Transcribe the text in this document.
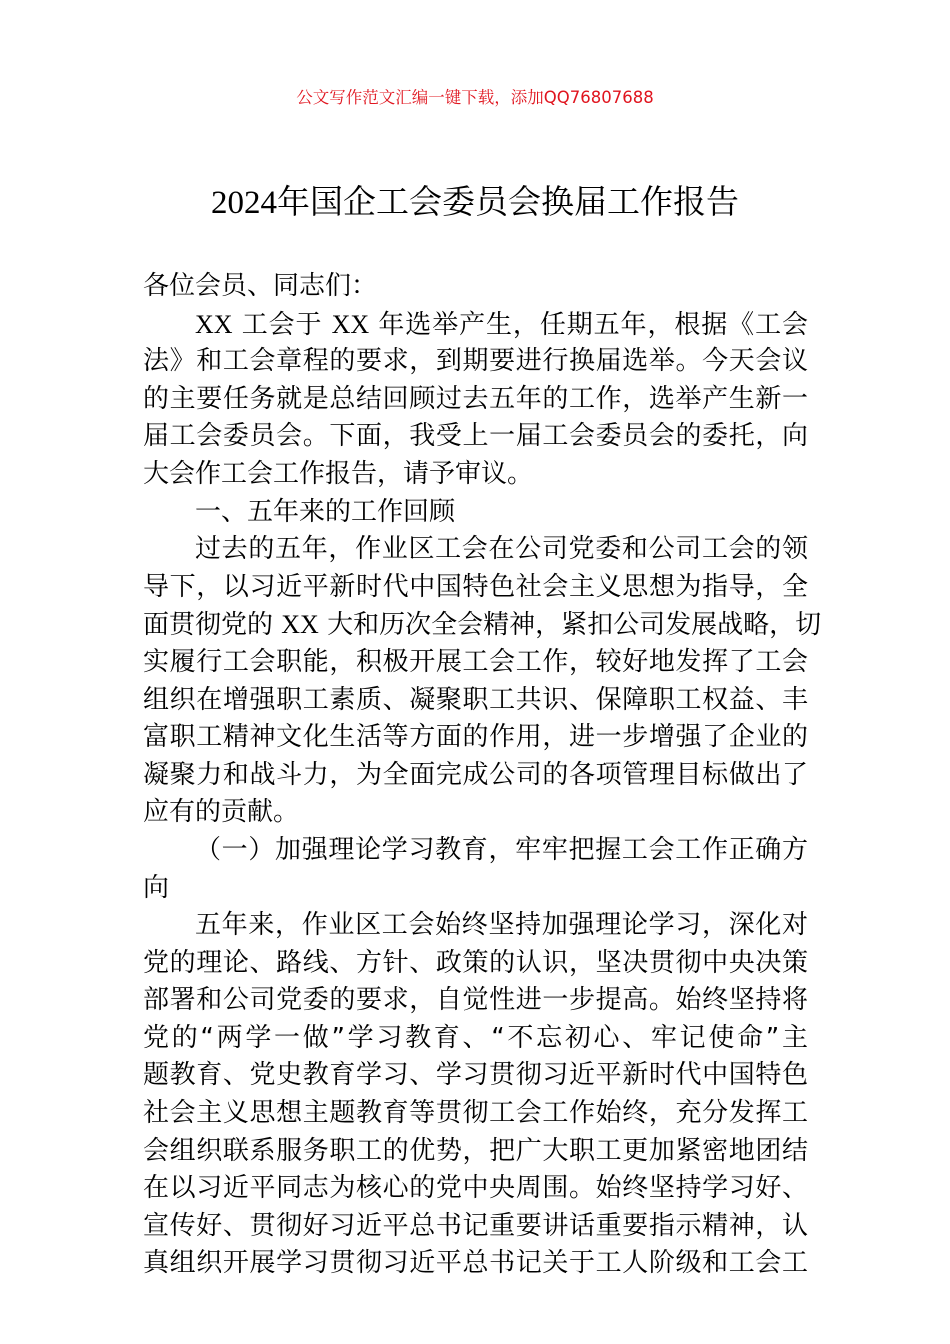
公文写作范文汇编一键下载，添加QQ76807688
2024年国企工会委员会换届工作报告
各位会员、同志们：
XX 工会于 XX 年选举产生，任期五年，根据《工会
法》和工会章程的要求，到期要进行换届选举。今天会议
的主要任务就是总结回顾过去五年的工作，选举产生新一
届工会委员会。下面，我受上一届工会委员会的委托，向
大会作工会工作报告，请予审议。
一、五年来的工作回顾
过去的五年，作业区工会在公司党委和公司工会的领
导下，以习近平新时代中国特色社会主义思想为指导，全
面贯彻党的 XX 大和历次全会精神，紧扣公司发展战略，切
实履行工会职能，积极开展工会工作，较好地发挥了工会
组织在增强职工素质、凝聚职工共识、保障职工权益、丰
富职工精神文化生活等方面的作用，进一步增强了企业的
凝聚力和战斗力，为全面完成公司的各项管理目标做出了
应有的贡献。
（一）加强理论学习教育，牢牢把握工会工作正确方
向
五年来，作业区工会始终坚持加强理论学习，深化对
党的理论、路线、方针、政策的认识，坚决贯彻中央决策
部署和公司党委的要求，自觉性进一步提高。始终坚持将
党的“两学一做”学习教育、“不忘初心、牢记使命”主
题教育、党史教育学习、学习贯彻习近平新时代中国特色
社会主义思想主题教育等贯彻工会工作始终，充分发挥工
会组织联系服务职工的优势，把广大职工更加紧密地团结
在以习近平同志为核心的党中央周围。始终坚持学习好、
宣传好、贯彻好习近平总书记重要讲话重要指示精神，认
真组织开展学习贯彻习近平总书记关于工人阶级和工会工
